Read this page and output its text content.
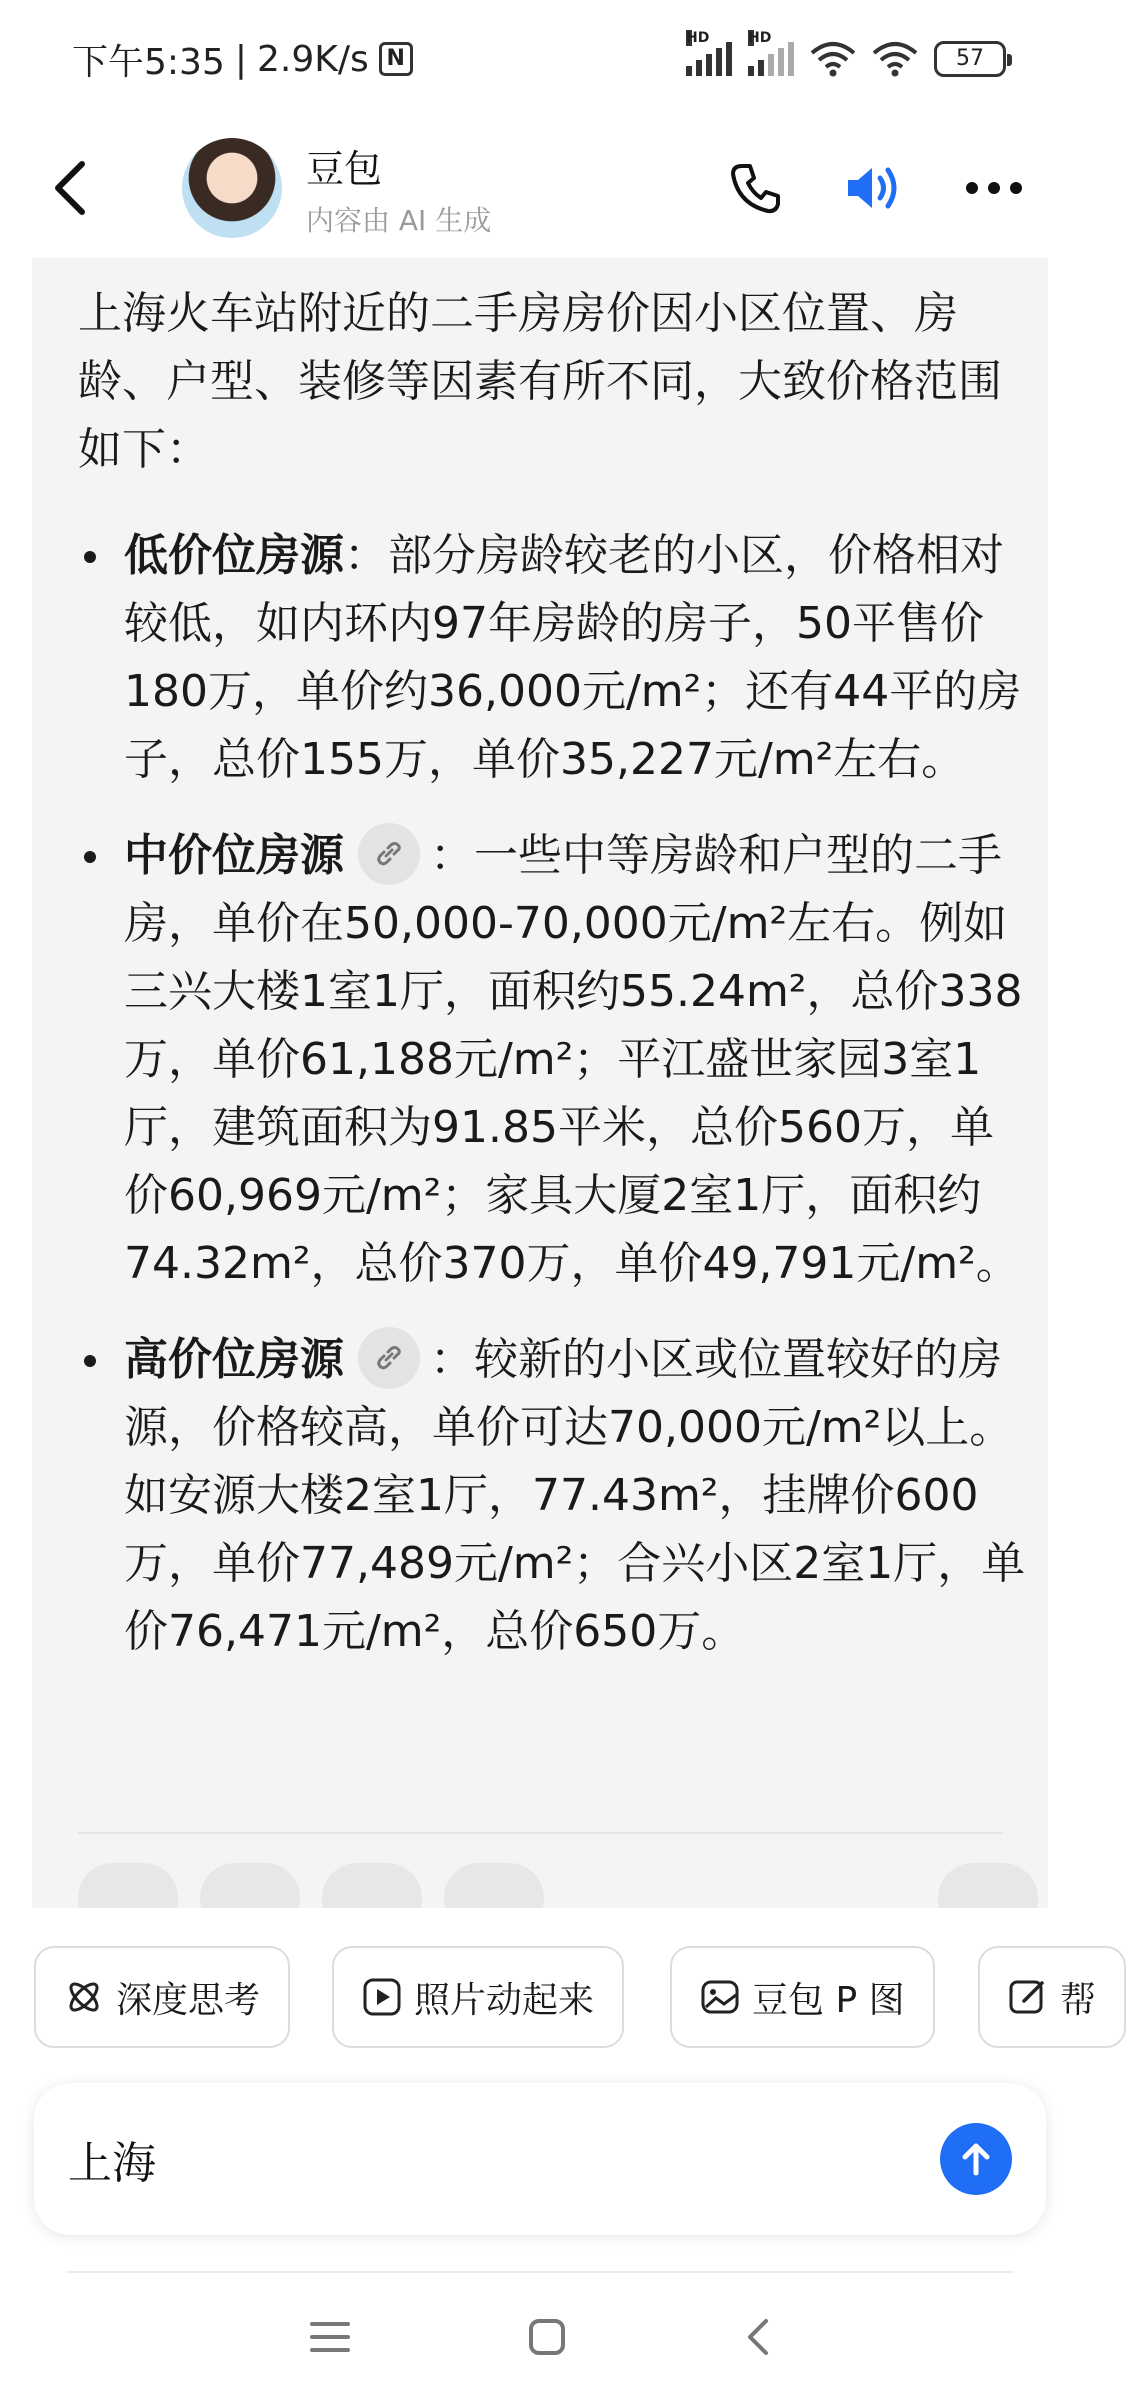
下午5:35 | 2.9K/s N
HD	HD
57
豆包
内容由 AI 生成
上海火车站附近的二手房房价因小区位置、房龄、户型、装修等因素有所不同，大致价格范围如下：
低价位房源：部分房龄较老的小区，价格相对较低，如内环内97年房龄的房子，50平售价180万，单价约36,000元/m²；还有44平的房子，总价155万，单价35,227元/m²左右。
中价位房源 ：一些中等房龄和户型的二手房，单价在50,000-70,000元/m²左右。例如三兴大楼1室1厅，面积约55.24m²，总价338万，单价61,188元/m²；平江盛世家园3室1厅，建筑面积为91.85平米，总价560万，单价60,969元/m²；家具大厦2室1厅，面积约74.32m²，总价370万，单价49,791元/m²。
高价位房源 ：较新的小区或位置较好的房源，价格较高，单价可达70,000元/m²以上。如安源大楼2室1厅，77.43m²，挂牌价600万，单价77,489元/m²；合兴小区2室1厅，单价76,471元/m²，总价650万。
深度思考	照片动起来	豆包 P 图	帮
上海
